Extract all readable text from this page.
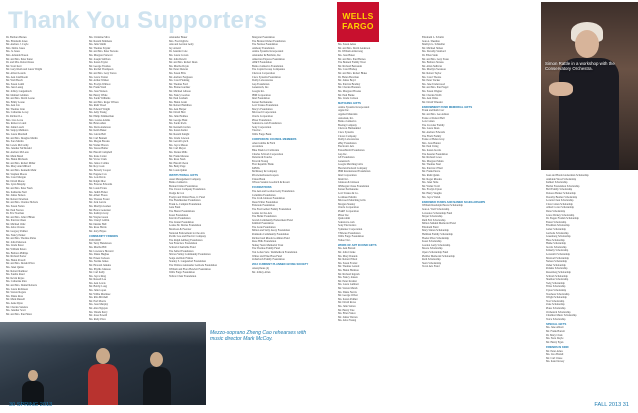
Thank You Supporters
Dr. Barbara Barnes
Ms. Elizabeth Jones
Mr. Andrew J. Coyle
Mrs. Debra Jones
Ms. Jo Jones
Mrs. Amanda Nason
Mr. and Mrs. Peter Kunz
Dr. and Mrs. Robert Kane
Mr. Scott Kerr
Mr. Gary Klem and Laura Wright
Mr. Alfred Lourds
Ms. Ann Lindbloom
Mr. Walt Bosch
Ms. Susan Lamb
Ms. Jean Leung
Mr. Jeffrey Langenbach
Mr. Ishmael Lehman
Mr. and Mrs. David Leone
Ms. Emily Leone
Ms. Ann Lin
Mr. Thomas Linn
Ms. Catherine Locey
Dr. Richard Lo
Mrs. Lisa Lowe
Ms. Rebecca Lund
Mr. Jamie Lusch
Mr. Sanjay Malhotra
Ms. Laura Marshall
Mr. and Mrs. Douglas Martin
Ms. Sara Martin
Mr. Lewis McCarthy
Ms. Jennifer McDonald
Mr. Andrew McLean
Mr. Mark Mead
Ms. Helen Michaels
Mr. and Mrs. Robert Miller
Ms. Mary Ann Milford
Mr. and Mrs. Kenneth Mohr
Mr. Stephen Moore
Ms. Carol Morgan
Mr. David Morse
Ms. Lynn Murphy
Mr. and Mrs. Peter Nash
Ms. Katherine Neil
Mr. James Nelson
Mr. Robert Newman
Mr. and Mrs. Charles Nichols
Ms. Susan Nolan
Mr. Paul Norton
Dr. Eric Norman
Mr. and Mrs. John O'Brien
Ms. Patricia Olsen
Mr. Michael Ortiz
Ms. Alice Owens
Mr. Gregory Palmer
Ms. Nancy Parker
Mr. and Mrs. Thomas Parks
Mr. John Patterson
Ms. Linda Perez
Mr. William Peters
Ms. Barbara Phillips
Mr. Richard Porter
Ms. Helen Powell
Mr. and Mrs. Donald Price
Ms. Janet Quinn
Mr. Robert Ramirez
Ms. Sandra Reed
Mr. Kevin Reyes
Ms. Catherine Rice
Mr. and Mrs. Daniel Roberts
Ms. Laura Robinson
Mr. Steven Rogers
Ms. Diane Ross
Mr. Mark Russell
Ms. Anne Ryan
Mr. Charles Sanders
Ms. Jennifer Scott
Mr. and Mrs. Paul Shaw
Ms. Christine Silva
Mr. Ronald Simmons
Ms. Julia Smith
Mr. Thomas Snyder
Mr. and Mrs. Peter Stevens
Ms. Margaret Stewart
Mr. Joseph Sullivan
Ms. Karen Taylor
Mr. George Thomas
Ms. Rachel Thompson
Mr. and Mrs. Gary Torres
Ms. Grace Turner
Mr. Arthur Walker
Ms. Evelyn Wallace
Mr. Frank Ward
Ms. Joan Watson
Mr. Henry White
Ms. Sarah Williams
Mr. and Mrs. Roger Wilson
Ms. Ruth Wood
Mr. Edward Wright
Ms. Amy Young
Mr. Philip Zimmerman
Mrs. Louise Adams
Mr. Brian Allen
Ms. Doris Anderson
Mr. Keith Baker
Ms. Gloria Bell
Mr. Carl Bennett
Ms. Megan Brooks
Mr. Walter Brown
Ms. Teresa Butler
Mr. Harold Campbell
Ms. Irene Carter
Mr. Victor Clark
Ms. Janice Collins
Mr. Roy Cook
Ms. Beverly Cooper
Mr. Eugene Cox
Ms. Lois Davis
Mr. Ralph Diaz
Ms. Frances Edwards
Mr. Louis Evans
Ms. Judith Fisher
Mr. Albert Flores
Ms. Theresa Foster
Mr. Jack Garcia
Ms. Marilyn Gomez
Mr. Bruce Gonzalez
Ms. Kathryn Gray
Mr. Wayne Green
Ms. Cheryl Griffin
Mr. Dennis Hall
Ms. Rose Harris
Mr. Jerry Hayes
COMMUNITY FRIENDS
$500-$999
Mr. Terry Henderson
Ms. Martha Hill
Mr. Lawrence Howard
Ms. Diana Hughes
Mr. Ernest Jackson
Ms. Norma James
Mr. Howard Jenkins
Ms. Phyllis Johnson
Mr. Carl Kelly
Ms. Joyce King
Mr. Russell Lee
Ms. Ann Lewis
Mr. Bobby Long
Ms. Julie Lopez
Mr. Willie Martinez
Ms. Rita Mitchell
Mr. Earl Morris
Ms. Joan Murphy
Mr. Alan Nguyen
Ms. Wanda Perry
Mr. Jesse Powell
Ms. Ruby Price
Alexander Bauer
Mrs. Fred Ogilvie
Ann and Gordon Getty
Jay Arnold
Dr. Jennifer Cole
Ms. Laura Cowan
Mr. John Dewitt
Mr. and Mrs. Robert Dean
Ms. Martha Doyle
Mr. Peter Duncan
Ms. Susan Ellis
Mr. Andrew Ferguson
Ms. Carol Fleming
Mr. Thomas Ford
Ms. Elaine Gardner
Mr. Michael Gibson
Ms. Nancy Gordon
Mr. Paul Graham
Ms. Helen Grant
Mr. Robert Hamilton
Ms. Ann Harper
Mr. David Hart
Ms. Julie Holmes
Mr. George Hunt
Ms. Sarah Irwin
Mr. Kenneth Jordan
Ms. Karen Keller
Mr. Ronald Knight
Ms. Linda Lawson
Mr. Gerald Lynch
Ms. Joyce Mason
Mr. Carl Meyer
Ms. Donna Mills
Mr. Frank Moreno
Ms. Rosa Nash
Mr. Harold Owen
Ms. Betty Page
Mr. Louis Quinn
INSTITUTIONAL GIFTS
Asset Management Company
Bank of America
Bernard Osher Foundation
The Clorox Company Foundation
Dodge & Cox
Evelyn and Walter Haas, Jr. Fund
The Fleishhacker Foundation
Frank A. Campini Foundation
Gaia Fund
The Hearst Foundations
Koret Foundation
Kia Ora Foundation
The Linnet Foundation
Louise M. Davies Foundation
Morrison & Foerster
National Endowment for the Arts
Pacific Gas and Electric Company
The Ralph Ahlberg Foundation
San Francisco Foundation
Schwab Charitable Fund
The Seibel Foundation
Silicon Valley Community Foundation
Sonja and Rob Frisbie
Stanley S. Langendorf Foundation
The Wallace Alexander Gerbode Foundation
William and Flora Hewlett Foundation
Wells Fargo Foundation
Yellow Chair Foundation
Margaret Foundation
The Bernard Osher Foundation
The Nerissa Foundation
Anthony Foundation
Adobe Systems Incorporated
Alexander & Baldwin, Inc.
American Express Foundation
AT&T Foundation
Bank of America Foundation
The Capital Group Companies
Chevron Corporation
Cisco Systems Foundation
Dolby Laboratories
Gap Foundation
Genentech, Inc.
Google Inc.
IBM Corporation
Intel Foundation
Kaiser Permanente
Levi Strauss Foundation
Macy's Foundation
Microsoft Corporation
Oracle Corporation
Pfizer Foundation
Salesforce.com Foundation
Sony Corporation
Visa Inc.
Wells Fargo Bank
CORPORATE COUNCIL MEMBERS
Abercrombie & Fitch
Accenture
Blue Shield of California
Charles Schwab Corporation
Deloitte & Touche
Ernst & Young
First Republic Bank
KPMG
McKinsey & Company
PricewaterhouseCoopers
Union Bank
Wilson Sonsini Goodrich & Rosati
FOUNDATIONS
The Ann and Gordon Getty Foundation
Columbia Foundation
The Crail-Johnson Foundation
Dean Witter Foundation
Eldorado Foundation
The Fred Gellert Family Foundation
Grants for the Arts
The Heller Foundation
Jewish Community Endowment Fund
Kimball Foundation
The Lurie Foundation
Milton and Sally Avery Foundation
Peninsula Community Foundation
Richard and Rhoda Goldman Fund
Rose Hills Foundation
Sidney Stern Memorial Trust
The Thomas Family Fund
Van Loben Sels / RembeRock Foundation
Walter and Elise Haas Fund
Zellerbach Family Foundation
2012 CURRENT PLANNED GIVING SOCIETY
Anonymous (4)
Mr. Jeffrey Allen
Ms. Susan Ames
Mr. and Mrs. David Anderson
Dr. William Armstrong
Ms. Joan Baker
Mr. and Mrs. Paul Barnes
The Bennett Family Trust
Mr. Richard Bernstein
Ms. Carol Bishop
Mr. and Mrs. Robert Blake
Dr. Helen Bowman
Mr. James Boyd
Ms. Patricia Bradley
Mr. Charles Brennan
Ms. Margaret Brooks
Mr. Paul Burke
Ms. Linda Carlson
MATCHING GIFTS
Adobe Systems Incorporated
Apple Inc.
Applied Materials
Autodesk, Inc.
Bank of America
Boeing Company
Chevron Humankind
Cisco Systems
Clorox Company
Dolby Laboratories
eBay Foundation
Electronic Arts
ExxonMobil Foundation
Gap Inc.
GE Foundation
Genentech
Google Matching Gifts
Hewlett-Packard Company
IBM International Foundation
Intel Corporation
Intuit Inc.
Johnson & Johnson
JPMorgan Chase Foundation
Kaiser Permanente
Levi Strauss & Co.
Lockheed Martin
Microsoft Matching Gifts
Morgan Stanley
Oracle Corporation
PG&E Corporation
Pfizer Inc.
Qualcomm
Salesforce.com
Sony Electronics
Symantec Corporation
VMware Foundation
Wells Fargo Foundation
Yahoo! Inc.
WORK OF ART IN KIND GIFTS
Ms. Ann Barrett
Mr. John Clarke
Ms. Mary Daniels
Mr. Robert Elliott
Ms. Susan Fowler
Mr. Thomas Garrett
Ms. Helen Harmon
Mr. Richard Ingram
Ms. Nancy Jensen
Mr. Peter Kramer
Ms. Laura Lambert
Mr. Steven Marsh
Ms. Diane Norris
Mr. George Oliver
Ms. Karen Palmer
Mr. David Rowe
Ms. Julie Sutton
Mr. Henry Tate
Ms. Ellen Vance
Mr. James Warren
Ms. Alice Young
Elizabeth L. Schultz
Jean A. Sheehan
Marilyn G. Schindler
Mr. Michael Simon
Ms. Dorothy Stanford
Dr. Ellen Stein
Mr. and Mrs. Gary Stone
Ms. Barbara Strauss
Mr. Allen Sullivan
Ms. Marilyn Swanson
Mr. Robert Taylor
Ms. Carol Thorne
Mr. Peter Tucker
Ms. Jane Underwood
Mr. and Mrs. Paul Vogel
Ms. Susan Wagner
Mr. Charles Webb
Ms. Ann Weiss
Mr. David Wheeler
ENDOWMENT FUND MEMORIAL GIFTS
Frank and Ruth Carr
Mr. and Mrs. Lee Ashton
Estate of Robert Bell
Lois Cohen
The Crowder Family
Ms. Laura Dean
Mr. Andrew Edwards
The Finch Family
Estate of Helen Gray
Mrs. Joan Hunter
Mr. Paul Irving
Ms. Karen Jacobs
The Kessler Foundation
Mr. Richard Lowe
Ms. Margaret Mann
Mr. Thomas Neal
Ms. Patricia O'Neil
Mr. Frank Pierce
Ms. Ruth Quinn
Mr. Roger Rhodes
Ms. Janet Sims
Mr. Walter Todd
Ms. Evelyn Upton
Mr. Harry Vaughn
Ms. Joyce Walsh
ENDOWED FUNDS AND NAMED SCHOLARSHIPS
William Randolph Hearst Scholarship
Jean A. Wolf Scholarship
Lawrence Scholarship Fund
Mayer Scholarship
Ruth Felt Scholarship
Milton Salkind Memorial Fund
Elizabeth Fund
Mary Sinton Scholarship
Hellman Family Scholarship
Hoefer Prize Scholarship
Koret Scholarship
Gordon Getty Scholarship
Moore Scholarship
Opera Scholarship Fund
Pfeiffer Memorial Scholarship
Roth Scholarship
Stern Scholarship
Vocal Arts Fund
Joan and Harold Ackerman Scholarship
Adelaide Wood Scholarship
Kahlert Scholarship
Herbst Foundation Scholarship
Bell Family Scholarship
Dolores Barker Scholarship
Dorothy Bremer Scholarship
Loretta Chen Scholarship
Clara Cohen Scholarship
Alfred Cortot Scholarship
Dana Scholarship
Grace Dickey Scholarship
Dr. Eugen Fromm Scholarship
Eisner Scholarship
Friedman Scholarship
Gaber Scholarship
Gerbode Scholarship
Greenberg Scholarship
Haas Scholarship
Hume Scholarship
Jacobs Scholarship
Kirkeby Scholarship
Leventritt Scholarship
Maxwell Scholarship
Nelson Scholarship
Osher Scholarship
Perkins Scholarship
Rosenberg Scholarship
Schwab Scholarship
Sheldon Scholarship
Swig Scholarship
Tilles Scholarship
Upton Scholarship
Voorhees Scholarship
Wright Scholarship
Yost Scholarship
Zane Scholarship
Piano Scholarship
Orchestral Scholarship
Chamber Music Scholarship
Voice Scholarship
SPECIAL GIFTS
Ms. Jane Abbott
Mr. Frank Barrett
Dr. Mary Clark
Ms. Nora Doyle
Mr. Henry Egan
FRIENDS IN KIND
Mr. Peter Ames
Ms. Lisa Brandt
Mr. Carl Chase
Ms. Kate Dorsey
WELLS FARGO
Mezzo-soprano Zheng Cao rehearses with music director Mark McCoy.
Simon Rattle in a workshop with the Conservatory Orchestra.
30 SPRING 2013	FALL 2013 31
